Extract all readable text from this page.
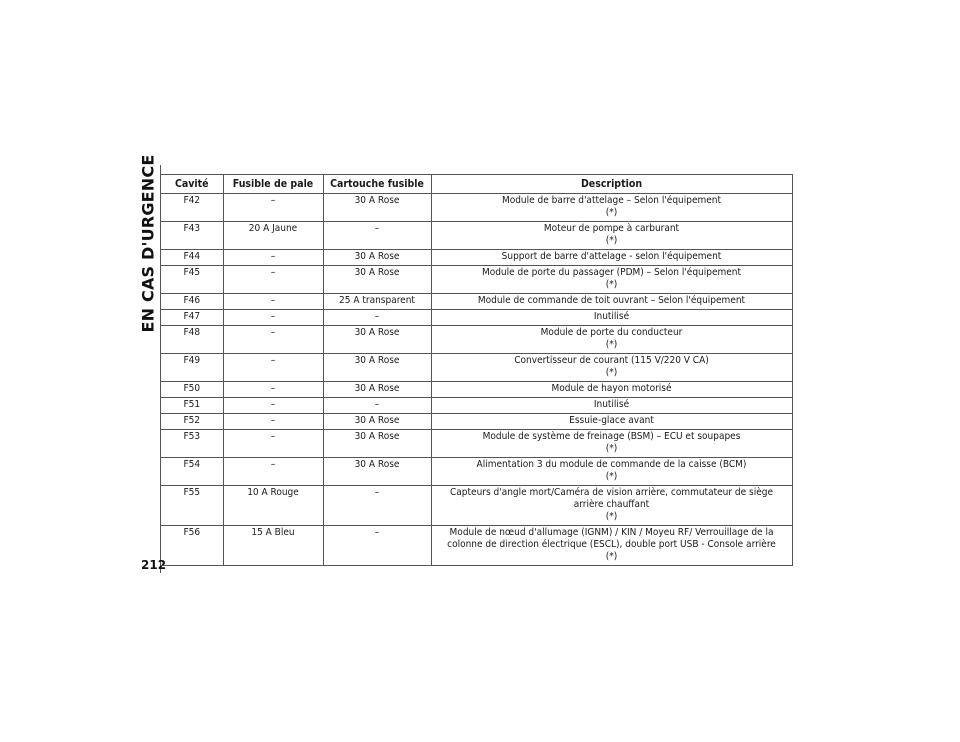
EN CAS D'URGENCE
212
Cavité	Fusible de pale	Cartouche fusible	Description
F42	–	30 A Rose	Module de barre d'attelage – Selon l'équipement
(*)

F43	20 A Jaune	–	Moteur de pompe à carburant
(*)

F44	–	30 A Rose	Support de barre d'attelage - selon l'équipement

F45	–	30 A Rose	Module de porte du passager (PDM) – Selon l'équipement
(*)

F46	–	25 A transparent	Module de commande de toit ouvrant – Selon l'équipement

F47	–	–	Inutilisé

F48	–	30 A Rose	Module de porte du conducteur
(*)

F49	–	30 A Rose	Convertisseur de courant (115 V/220 V CA)
(*)

F50	–	30 A Rose	Module de hayon motorisé

F51	–	–	Inutilisé

F52	–	30 A Rose	Essuie-glace avant

F53	–	30 A Rose	Module de système de freinage (BSM) – ECU et soupapes
(*)

F54	–	30 A Rose	Alimentation 3 du module de commande de la caisse (BCM)
(*)

F55	10 A Rouge	–	Capteurs d'angle mort/Caméra de vision arrière, commutateur de siège arrière chauffant
(*)

F56	15 A Bleu	–	Module de nœud d'allumage (IGNM) / KIN / Moyeu RF/ Verrouillage de la colonne de direction électrique (ESCL), double port USB - Console arrière
(*)
